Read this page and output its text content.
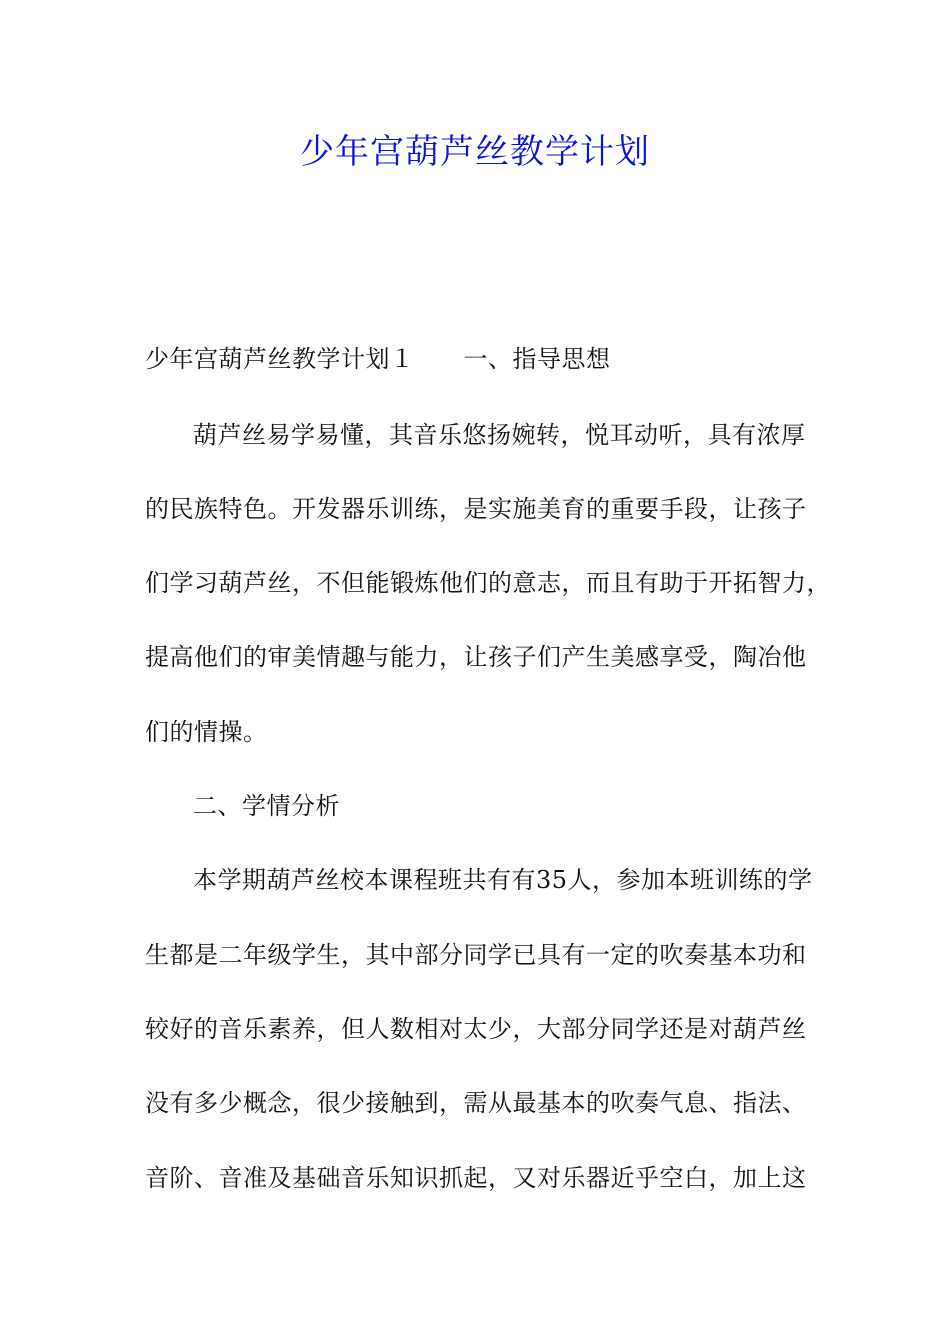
少年宫葫芦丝教学计划
少年宫葫芦丝教学计划１　　一、指导思想
葫芦丝易学易懂，其音乐悠扬婉转，悦耳动听，具有浓厚
的民族特色。开发器乐训练，是实施美育的重要手段，让孩子
们学习葫芦丝，不但能锻炼他们的意志，而且有助于开拓智力，
提高他们的审美情趣与能力，让孩子们产生美感享受，陶冶他
们的情操。
二、学情分析
本学期葫芦丝校本课程班共有有35人，参加本班训练的学
生都是二年级学生，其中部分同学已具有一定的吹奏基本功和
较好的音乐素养，但人数相对太少，大部分同学还是对葫芦丝
没有多少概念，很少接触到，需从最基本的吹奏气息、指法、
音阶、音准及基础音乐知识抓起，又对乐器近乎空白，加上这
